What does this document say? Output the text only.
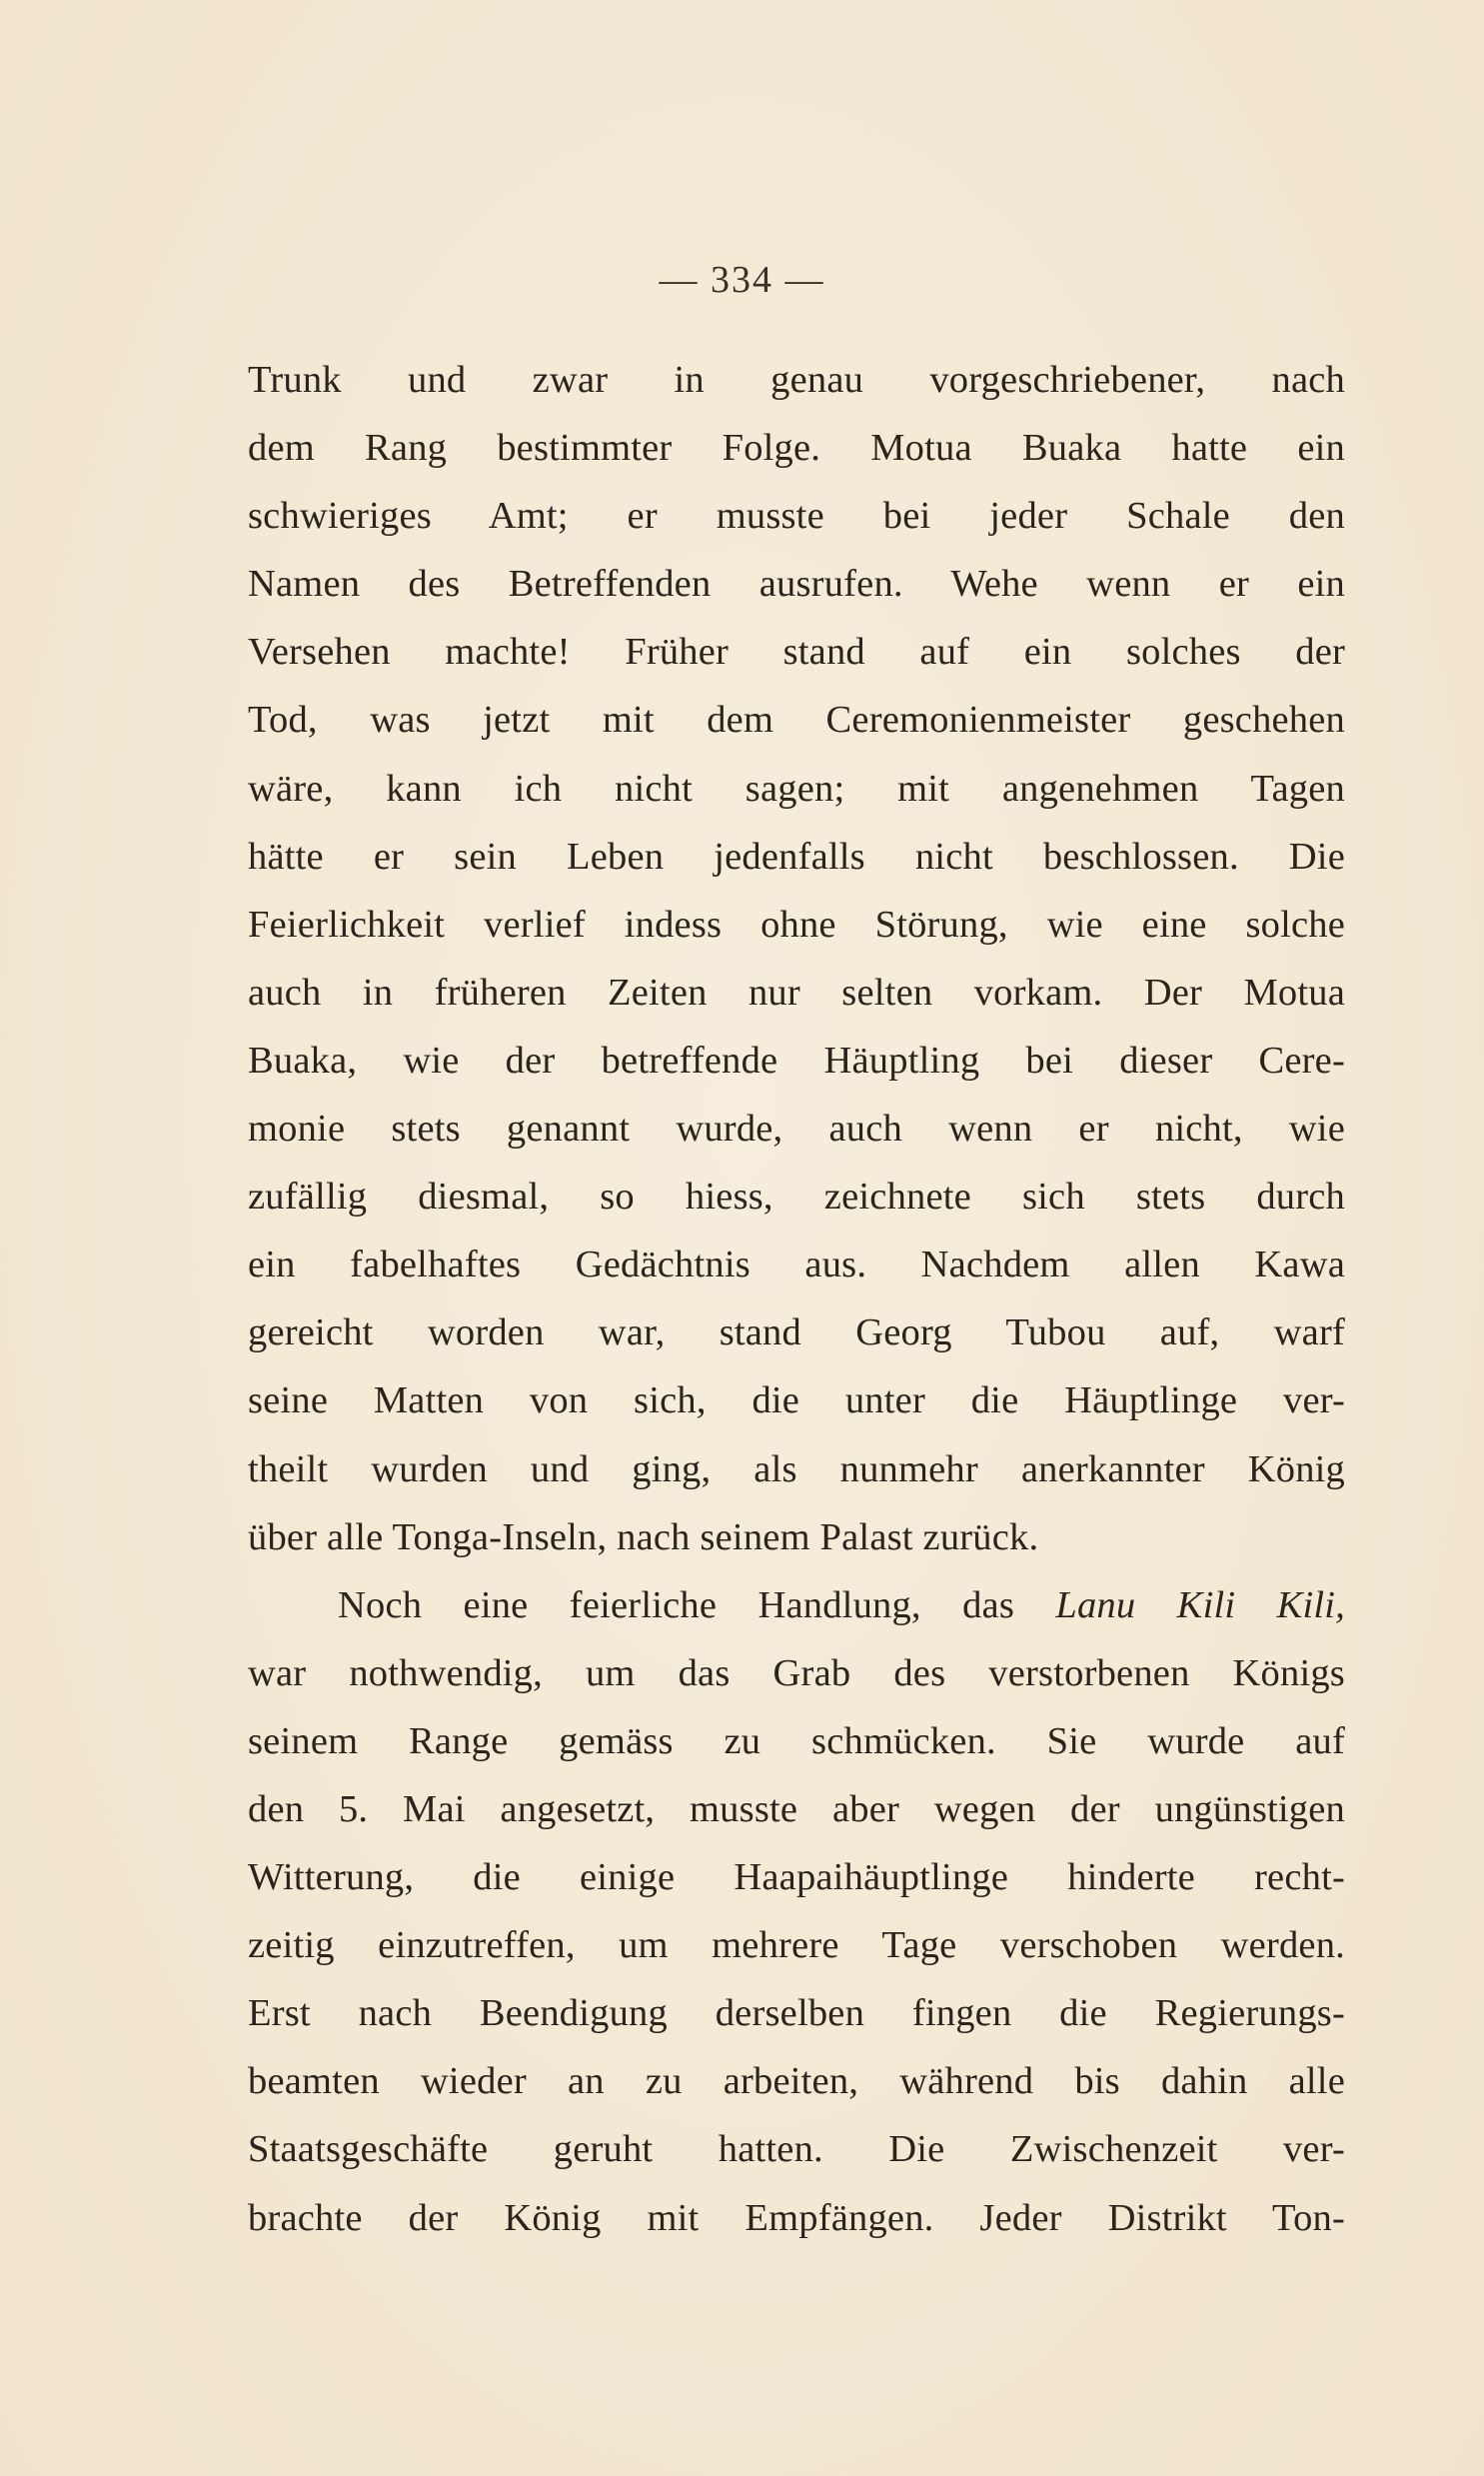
— 334 —
Trunk und zwar in genau vorgeschriebener, nach
dem Rang bestimmter Folge. Motua Buaka hatte ein
schwieriges Amt; er musste bei jeder Schale den
Namen des Betreffenden ausrufen. Wehe wenn er ein
Versehen machte! Früher stand auf ein solches der
Tod, was jetzt mit dem Ceremonienmeister geschehen
wäre, kann ich nicht sagen; mit angenehmen Tagen
hätte er sein Leben jedenfalls nicht beschlossen. Die
Feierlichkeit verlief indess ohne Störung, wie eine solche
auch in früheren Zeiten nur selten vorkam. Der Motua
Buaka, wie der betreffende Häuptling bei dieser Cere-
monie stets genannt wurde, auch wenn er nicht, wie
zufällig diesmal, so hiess, zeichnete sich stets durch
ein fabelhaftes Gedächtnis aus. Nachdem allen Kawa
gereicht worden war, stand Georg Tubou auf, warf
seine Matten von sich, die unter die Häuptlinge ver-
theilt wurden und ging, als nunmehr anerkannter König
über alle Tonga-Inseln, nach seinem Palast zurück.
Noch eine feierliche Handlung, das Lanu Kili Kili,
war nothwendig, um das Grab des verstorbenen Königs
seinem Range gemäss zu schmücken. Sie wurde auf
den 5. Mai angesetzt, musste aber wegen der ungünstigen
Witterung, die einige Haapaihäuptlinge hinderte recht-
zeitig einzutreffen, um mehrere Tage verschoben werden.
Erst nach Beendigung derselben fingen die Regierungs-
beamten wieder an zu arbeiten, während bis dahin alle
Staatsgeschäfte geruht hatten. Die Zwischenzeit ver-
brachte der König mit Empfängen. Jeder Distrikt Ton-
